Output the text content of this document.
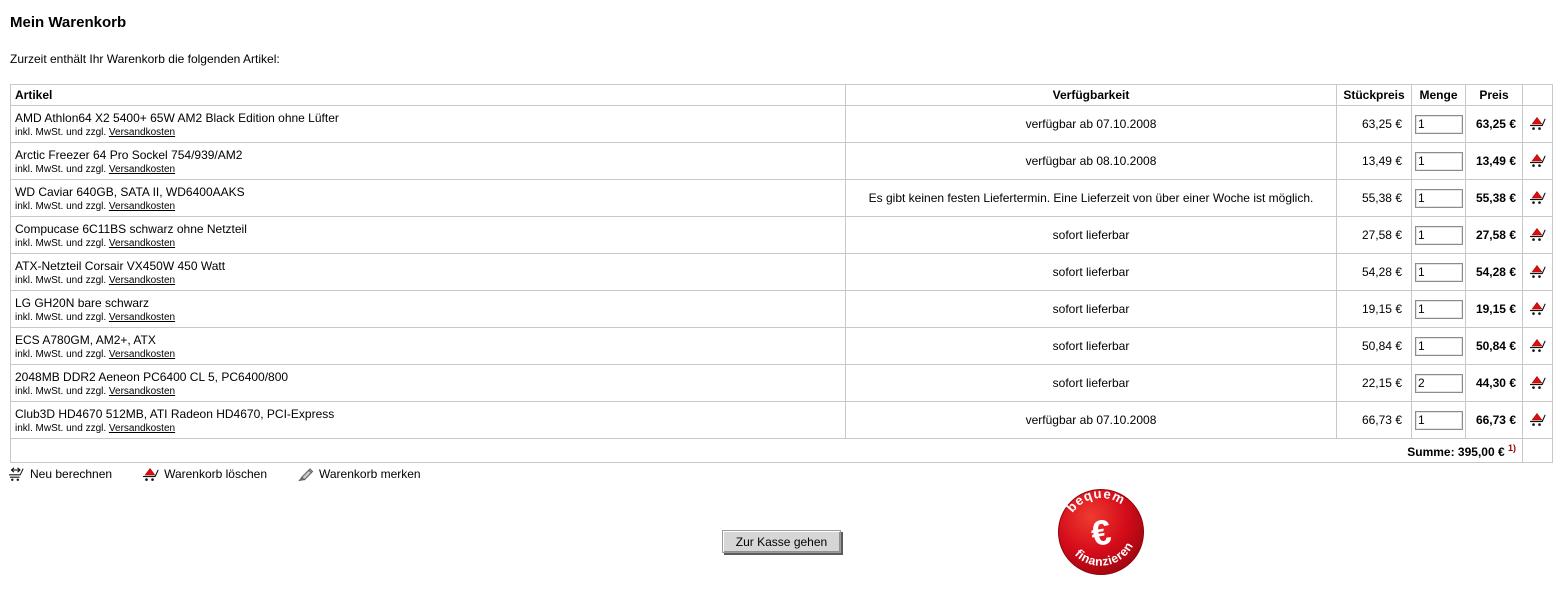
Mein Warenkorb
Zurzeit enthält Ihr Warenkorb die folgenden Artikel:
Artikel	Verfügbarkeit	Stückpreis	Menge	Preis	

AMD Athlon64 X2 5400+ 65W AM2 Black Edition ohne Lüfter
inkl. MwSt. und zzgl. Versandkosten	verfügbar ab 07.10.2008	63,25 €	1	63,25 €	

Arctic Freezer 64 Pro Sockel 754/939/AM2
inkl. MwSt. und zzgl. Versandkosten	verfügbar ab 08.10.2008	13,49 €	1	13,49 €	

WD Caviar 640GB, SATA II, WD6400AAKS
inkl. MwSt. und zzgl. Versandkosten	Es gibt keinen festen Liefertermin. Eine Lieferzeit von über einer Woche ist möglich.	55,38 €	1	55,38 €	

Compucase 6C11BS schwarz ohne Netzteil
inkl. MwSt. und zzgl. Versandkosten	sofort lieferbar	27,58 €	1	27,58 €	

ATX-Netzteil Corsair VX450W 450 Watt
inkl. MwSt. und zzgl. Versandkosten	sofort lieferbar	54,28 €	1	54,28 €	

LG GH20N bare schwarz
inkl. MwSt. und zzgl. Versandkosten	sofort lieferbar	19,15 €	1	19,15 €	

ECS A780GM, AM2+, ATX
inkl. MwSt. und zzgl. Versandkosten	sofort lieferbar	50,84 €	1	50,84 €	

2048MB DDR2 Aeneon PC6400 CL 5, PC6400/800
inkl. MwSt. und zzgl. Versandkosten	sofort lieferbar	22,15 €	2	44,30 €	

Club3D HD4670 512MB, ATI Radeon HD4670, PCI-Express
inkl. MwSt. und zzgl. Versandkosten	verfügbar ab 07.10.2008	66,73 €	1	66,73 €	

Summe: 395,00 € $^{1)}$	
Neu berechnen	Warenkorb löschen	Warenkorb merken
Zur Kasse gehen
bequem
€
finanzieren
